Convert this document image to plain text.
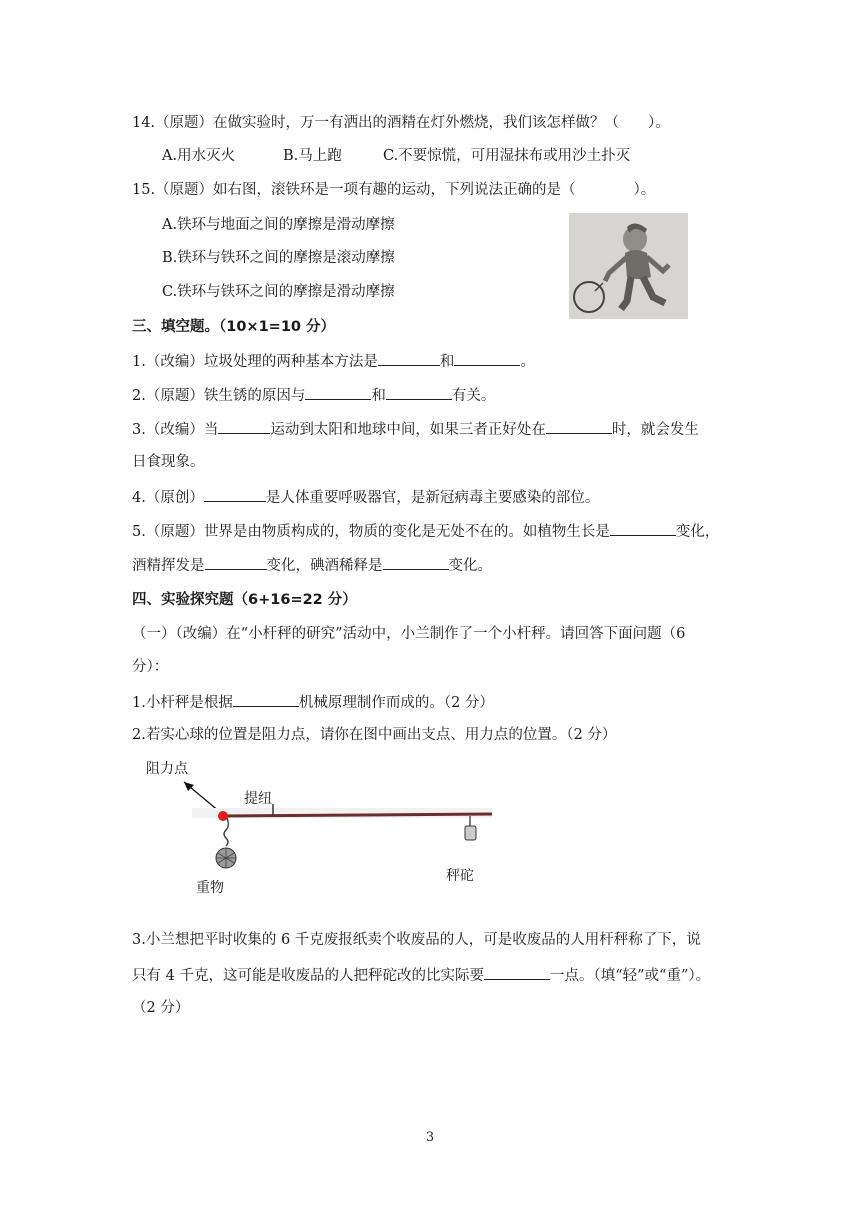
14.（原题）在做实验时，万一有洒出的酒精在灯外燃烧，我们该怎样做？（　　）。
A.用水灭火	B.马上跑	C.不要惊慌，可用湿抹布或用沙土扑灭
15.（原题）如右图，滚铁环是一项有趣的运动，下列说法正确的是（　　　　）。
A.铁环与地面之间的摩擦是滑动摩擦
B.铁环与铁环之间的摩擦是滚动摩擦
C.铁环与铁环之间的摩擦是滑动摩擦
三、填空题。（10×1=10 分）
1.（改编）垃圾处理的两种基本方法是	和	。
2.（原题）铁生锈的原因与	和	有关。
3.（改编）当	运动到太阳和地球中间，如果三者正好处在	时，就会发生
日食现象。
4.（原创）	是人体重要呼吸器官，是新冠病毒主要感染的部位。
5.（原题）世界是由物质构成的，物质的变化是无处不在的。如植物生长是	变化，
酒精挥发是	变化，碘酒稀释是	变化。
四、实验探究题（6+16=22 分）
（一）（改编）在“小杆秤的研究”活动中，小兰制作了一个小杆秤。请回答下面问题（6
分）：
1.小杆秤是根据	机械原理制作而成的。（2 分）
2.若实心球的位置是阻力点，请你在图中画出支点、用力点的位置。（2 分）
阻力点
提纽
重物
秤砣
3.小兰想把平时收集的 6 千克废报纸卖个收废品的人，可是收废品的人用杆秤称了下，说
只有 4 千克，这可能是收废品的人把秤砣改的比实际要	一点。（填“轻”或“重”）。
（2 分）
3
